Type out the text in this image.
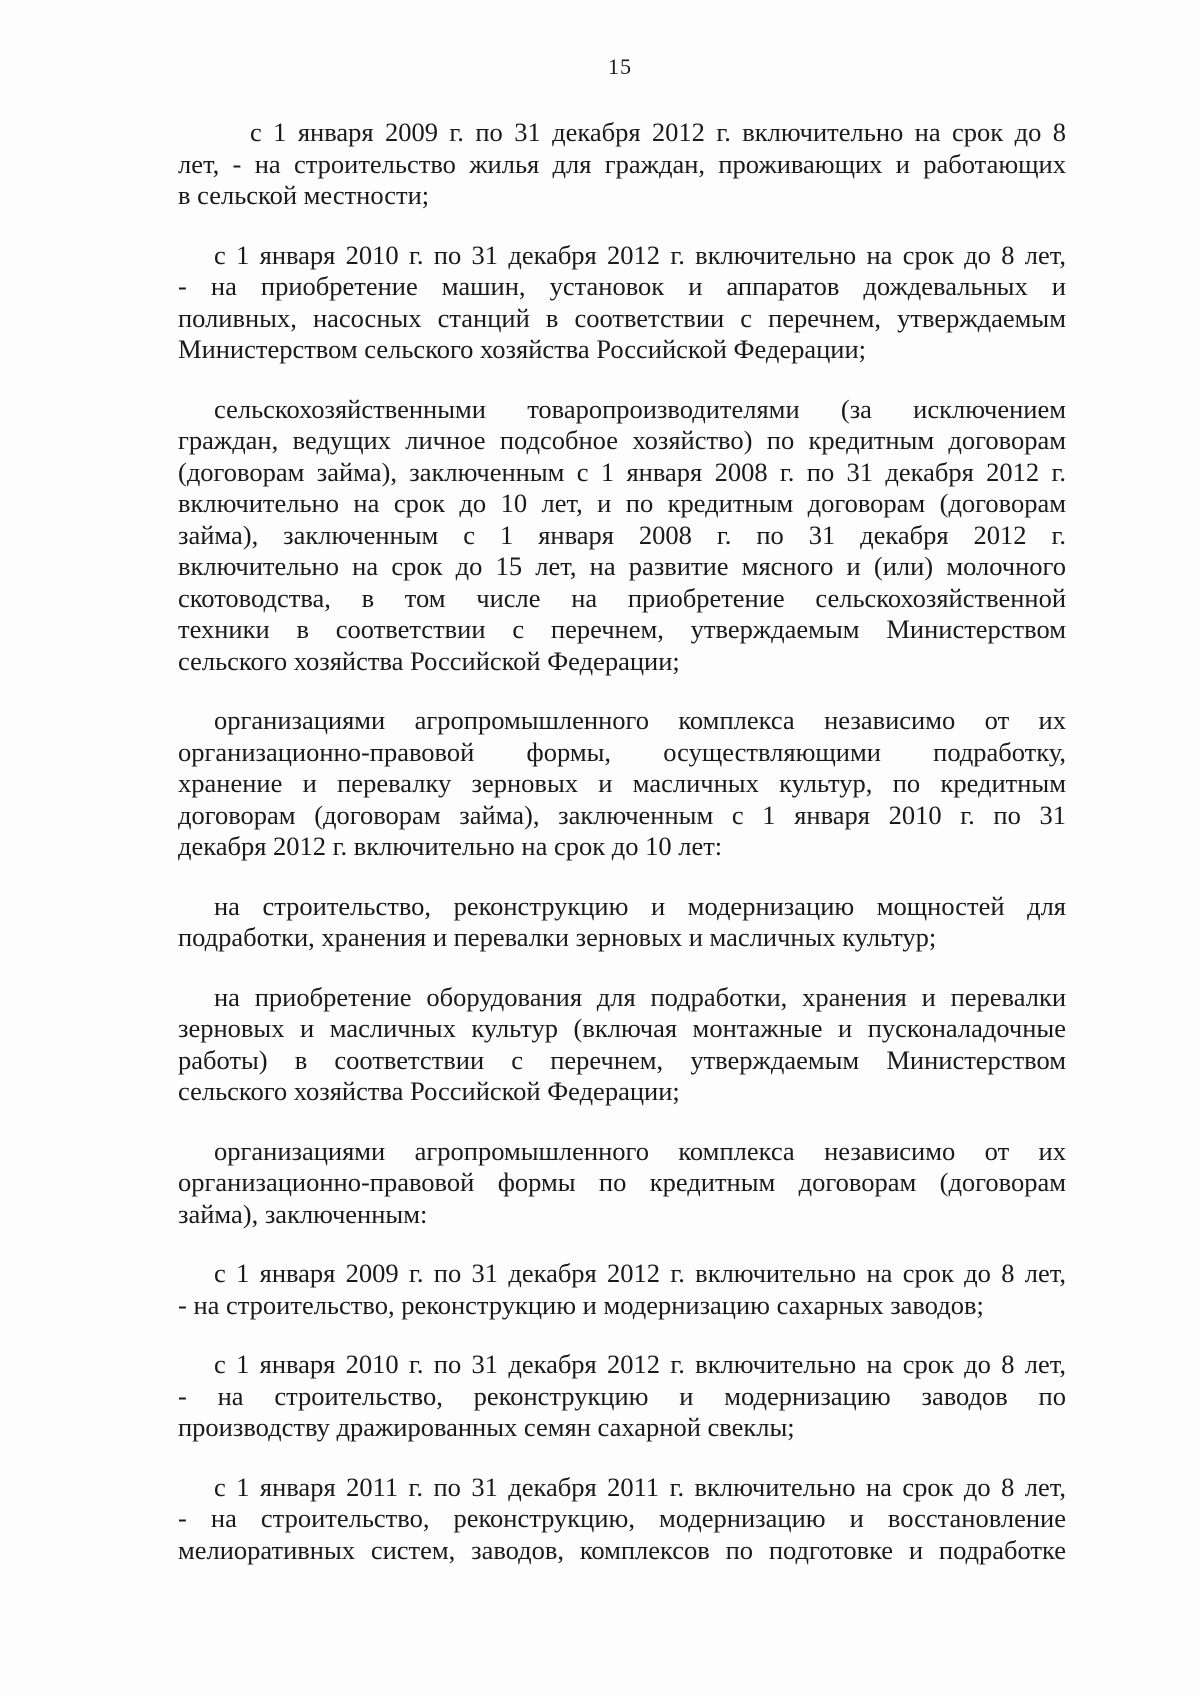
15
с 1 января 2009 г. по 31 декабря 2012 г. включительно на срок до 8
лет, - на строительство жилья для граждан, проживающих и работающих
в сельской местности;
с 1 января 2010 г. по 31 декабря 2012 г. включительно на срок до 8 лет,
- на приобретение машин, установок и аппаратов дождевальных и
поливных, насосных станций в соответствии с перечнем, утверждаемым
Министерством сельского хозяйства Российской Федерации;
сельскохозяйственными товаропроизводителями (за исключением
граждан, ведущих личное подсобное хозяйство) по кредитным договорам
(договорам займа), заключенным с 1 января 2008 г. по 31 декабря 2012 г.
включительно на срок до 10 лет, и по кредитным договорам (договорам
займа), заключенным с 1 января 2008 г. по 31 декабря 2012 г.
включительно на срок до 15 лет, на развитие мясного и (или) молочного
скотоводства, в том числе на приобретение сельскохозяйственной
техники в соответствии с перечнем, утверждаемым Министерством
сельского хозяйства Российской Федерации;
организациями агропромышленного комплекса независимо от их
организационно-правовой формы, осуществляющими подработку,
хранение и перевалку зерновых и масличных культур, по кредитным
договорам (договорам займа), заключенным с 1 января 2010 г. по 31
декабря 2012 г. включительно на срок до 10 лет:
на строительство, реконструкцию и модернизацию мощностей для
подработки, хранения и перевалки зерновых и масличных культур;
на приобретение оборудования для подработки, хранения и перевалки
зерновых и масличных культур (включая монтажные и пусконаладочные
работы) в соответствии с перечнем, утверждаемым Министерством
сельского хозяйства Российской Федерации;
организациями агропромышленного комплекса независимо от их
организационно-правовой формы по кредитным договорам (договорам
займа), заключенным:
с 1 января 2009 г. по 31 декабря 2012 г. включительно на срок до 8 лет,
- на строительство, реконструкцию и модернизацию сахарных заводов;
с 1 января 2010 г. по 31 декабря 2012 г. включительно на срок до 8 лет,
- на строительство, реконструкцию и модернизацию заводов по
производству дражированных семян сахарной свеклы;
с 1 января 2011 г. по 31 декабря 2011 г. включительно на срок до 8 лет,
- на строительство, реконструкцию, модернизацию и восстановление
мелиоративных систем, заводов, комплексов по подготовке и подработке
